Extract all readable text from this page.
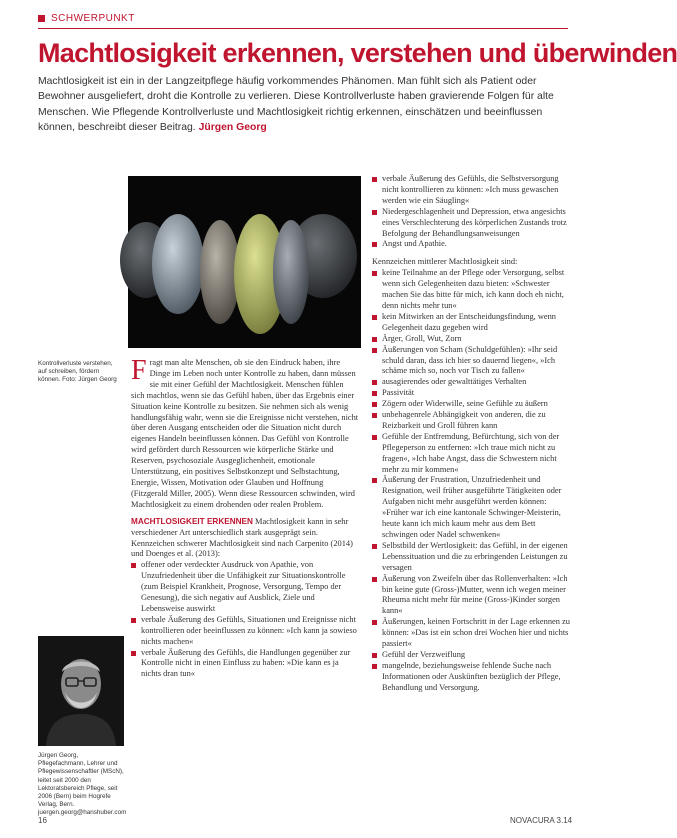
SCHWERPUNKT
Machtlosigkeit erkennen, verstehen und überwinden
Machtlosigkeit ist ein in der Langzeitpflege häufig vorkommendes Phänomen. Man fühlt sich als Patient oder Bewohner ausgeliefert, droht die Kontrolle zu verlieren. Diese Kontrollverluste haben gravierende Folgen für alte Menschen. Wie Pflegende Kontrollverluste und Machtlosigkeit richtig erkennen, einschätzen und beeinflussen können, beschreibt dieser Beitrag. Jürgen Georg
Kontrollverluste verstehen, auf schreiben, fördern können. Foto: Jürgen Georg Fragt man alte Menschen, ob sie den Eindruck haben, ihre Dinge im Leben noch unter Kontrolle zu haben, dann müssen sie mit einer Gefühl der Machtlosigkeit. Menschen fühlen sich machtlos, wenn sie das Gefühl haben, über das Ergebnis einer Situation keine Kontrolle zu besitzen. Sie nehmen sich als wenig handlungsfähig wahr, wenn sie die Ereignisse nicht verstehen, nicht über deren Ausgang entscheiden oder die Situation nicht durch eigenes Handeln beeinflussen können. Das Gefühl von Kontrolle wird gefördert durch Ressourcen wie körperliche Stärke und Reserven, psychosoziale Ausgeglichenheit, emotionale Unterstützung, ein positives Selbstkonzept und Selbstachtung, Energie, Wissen, Motivation oder Glauben und Hoffnung (Fitzgerald Miller, 2005). Wenn diese Ressourcen schwinden, wird Machtlosigkeit zu einem drohenden oder realen Problem.

MACHTLOSIGKEIT ERKENNEN Machtlosigkeit kann in sehr verschiedener Art unterschiedlich stark ausgeprägt sein. Kennzeichen schwerer Machtlosigkeit sind nach Carpenito (2014) und Doenges et al. (2013):

offener oder verdeckter Ausdruck von Apathie, von Unzufriedenheit über die Unfähigkeit zur Situationskontrolle (zum Beispiel Krankheit, Prognose, Versorgung, Tempo der Genesung), die sich negativ auf Ausblick, Ziele und Lebensweise auswirkt
verbale Äußerung des Gefühls, Situationen und Ereignisse nicht kontrollieren oder beeinflussen zu können: »Ich kann ja sowieso nichts machen«
verbale Äußerung des Gefühls, die Handlungen gegenüber zur Kontrolle nicht in einen Einfluss zu haben: »Die kann es ja nichts dran tun«
Jürgen Georg, Pflegefachmann, Lehrer und Pflegewissenschaftler (MScN), leitet seit 2000 den Lektoratsbereich Pflege, seit 2006 (Bern) beim Hogrefe Verlag, Bern. juergen.georg@hanshuber.com
verbale Äußerung des Gefühls, die Selbstversorgung nicht kontrollieren zu können: »Ich muss gewaschen werden wie ein Säugling«
Niedergeschlagenheit und Depression, etwa angesichts eines Verschlechterung des körperlichen Zustands trotz Befolgung der Behandlungsanweisungen
Angst und Apathie.

Kennzeichen mittlerer Machtlosigkeit sind:

keine Teilnahme an der Pflege oder Versorgung, selbst wenn sich Gelegenheiten dazu bieten: »Schwester machen Sie das bitte für mich, ich kann doch eh nicht, denn nichts mehr tun«
kein Mitwirken an der Entscheidungsfindung, wenn Gelegenheit dazu gegeben wird
Ärger, Groll, Wut, Zorn
Äußerungen von Scham (Schuldgefühlen): »Ihr seid schuld daran, dass ich hier so dauernd liegen«, »Ich schäme mich so, noch vor Tisch zu fallen«
ausagierendes oder gewalttätiges Verhalten
Passivität
Zögern oder Widerwille, seine Gefühle zu äußern
unbehagenrele Abhängigkeit von anderen, die zu Reizbarkeit und Groll führen kann
Gefühle der Entfremdung, Befürchtung, sich von der Pflegeperson zu entfernen: »Ich traue mich nicht zu fragen«, »Ich habe Angst, dass die Schwestern nicht mehr zu mir kommen«
Äußerung der Frustration, Unzufriedenheit und Resignation, weil früher ausgeführte Tätigkeiten oder Aufgaben nicht mehr ausgeführt werden können: »Früher war ich eine kantonale Schwinger-Meisterin, heute kann ich mich kaum mehr aus dem Bett schwingen oder Nadel schwenken«
Selbstbild der Wertlosigkeit: das Gefühl, in der eigenen Lebenssituation und die zu erbringenden Leistungen zu versagen
Äußerung von Zweifeln über das Rollenverhalten: »Ich bin keine gute (Gross-)Mutter, wenn ich wegen meiner Rheuma nicht mehr für meine (Gross-)Kinder sorgen kann«
Äußerungen, keinen Fortschritt in der Lage erkennen zu können: »Das ist ein schon drei Wochen hier und nichts passiert«
Gefühl der Verzweiflung
mangelnde, beziehungsweise fehlende Suche nach Informationen oder Auskünften bezüglich der Pflege, Behandlung und Versorgung.
16	NOVACURA 3.14
